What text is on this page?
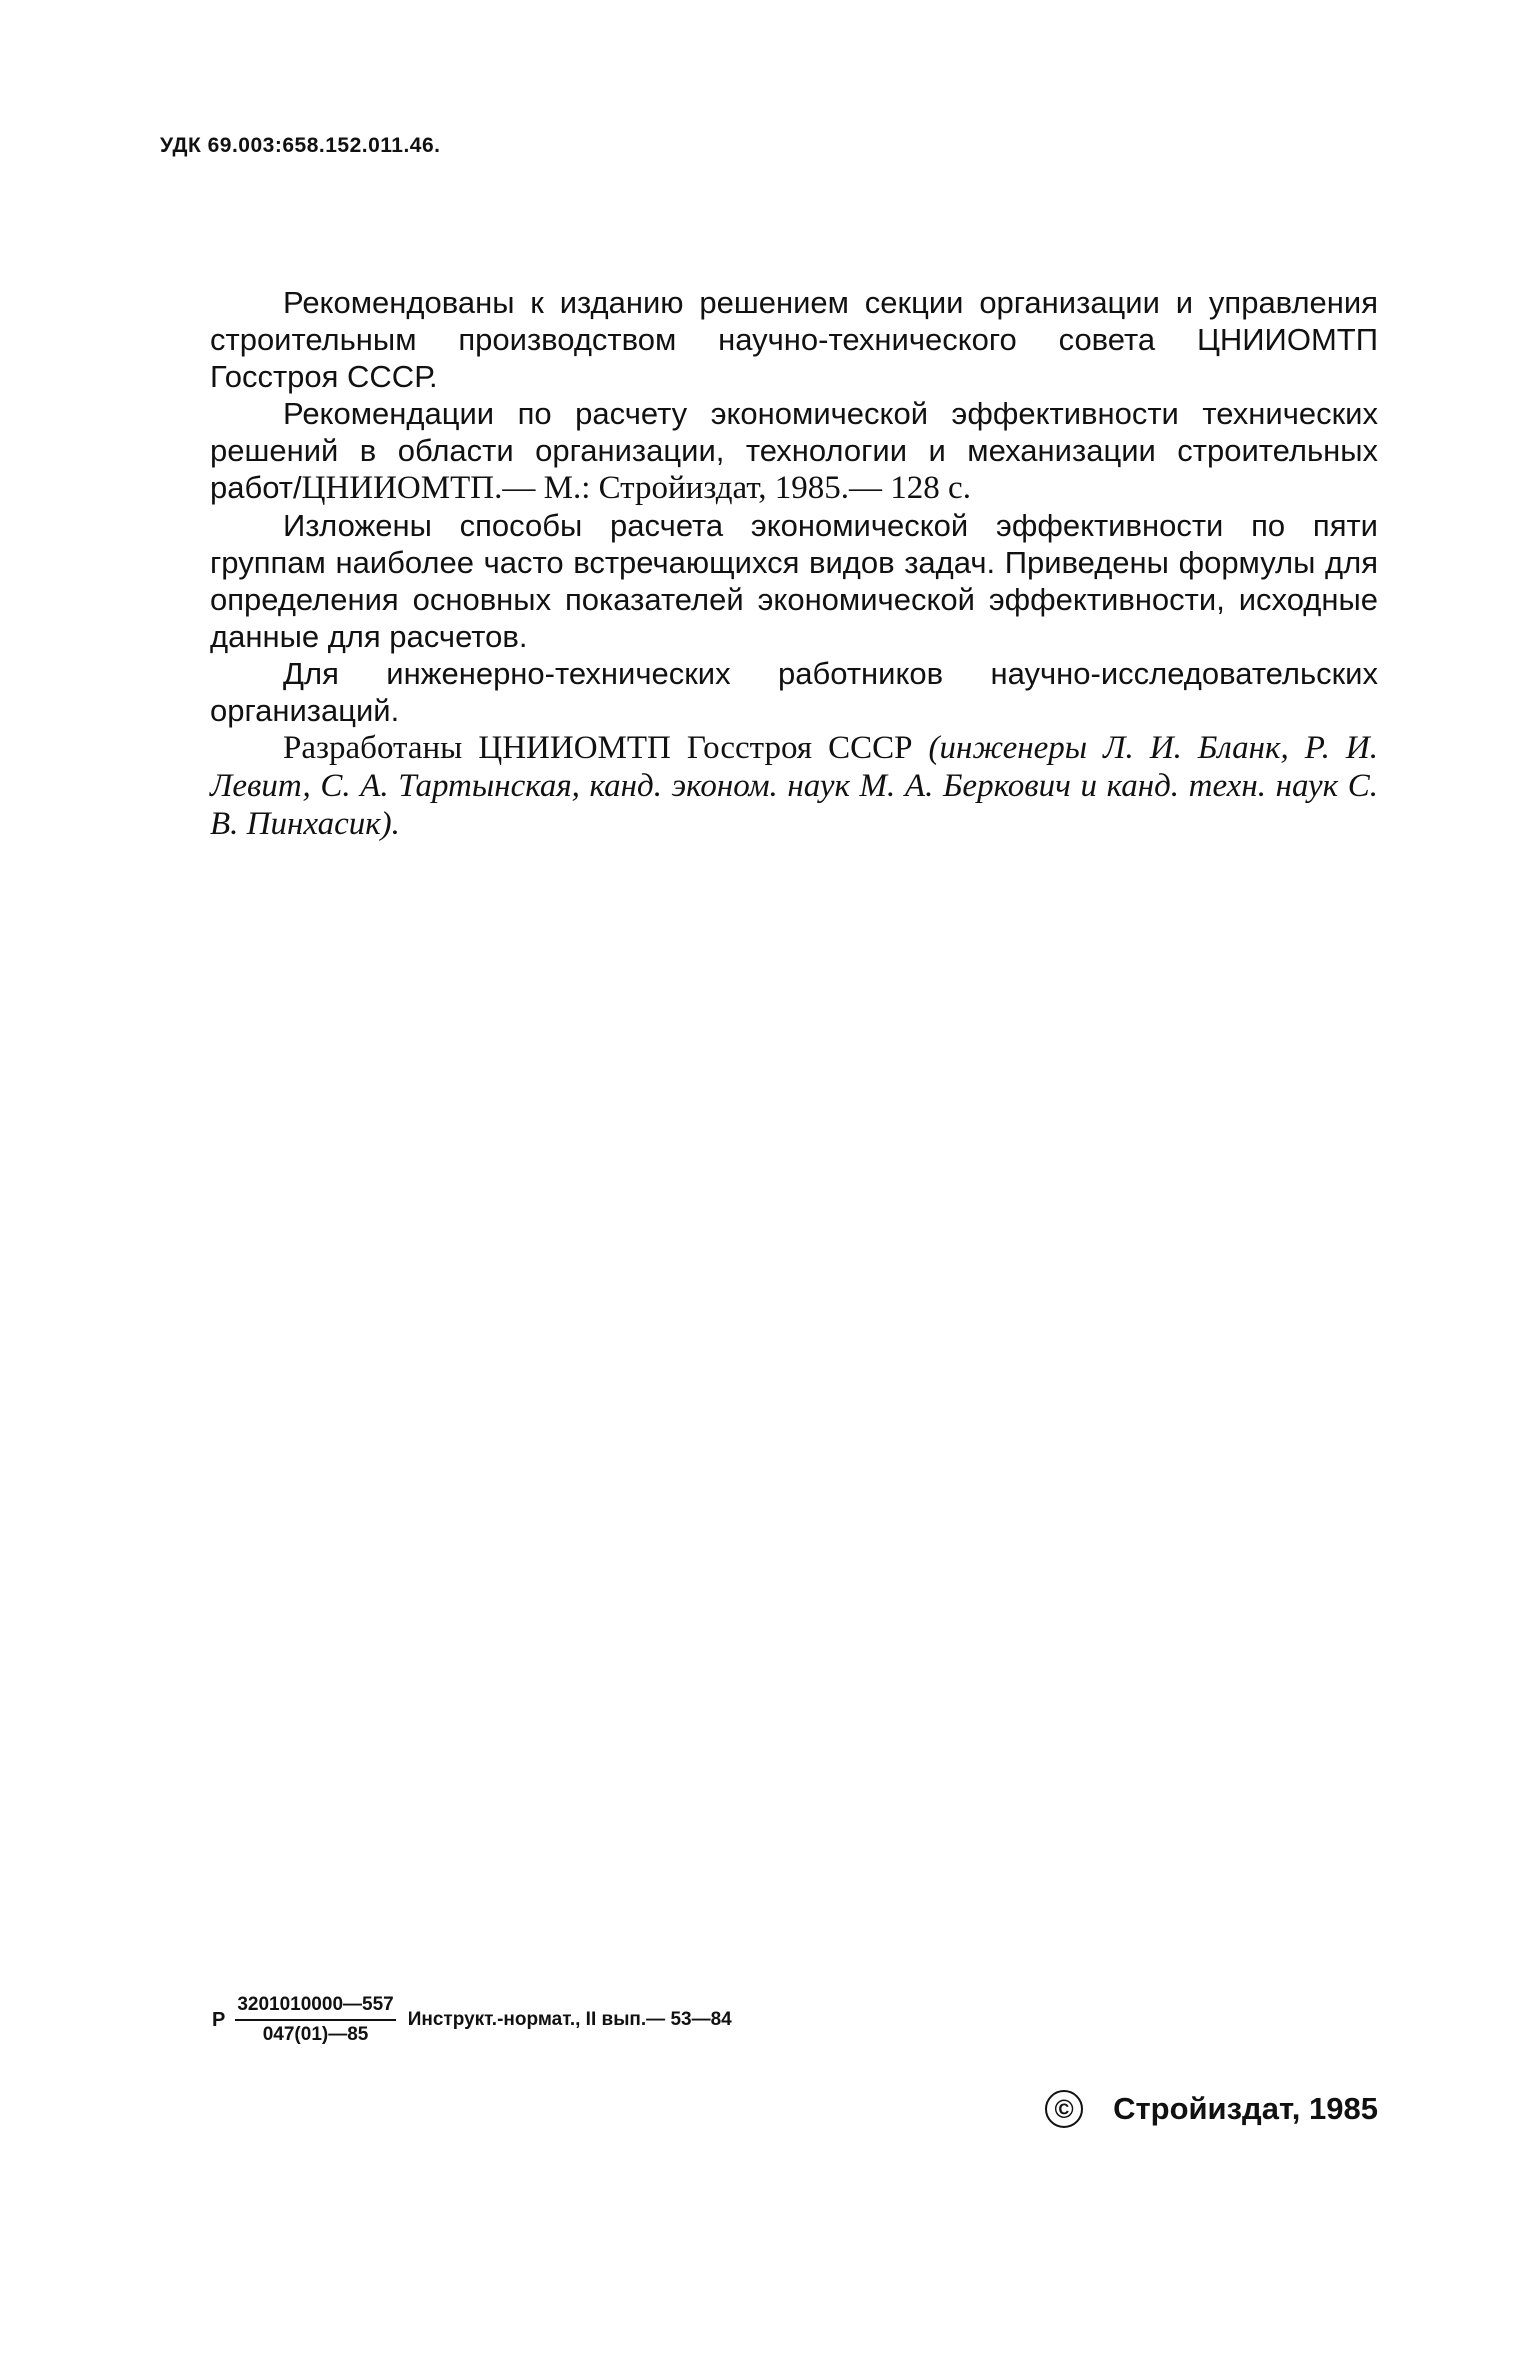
УДК 69.003:658.152.011.46.

Рекомендованы к изданию решением секции организации и управления строительным производством научно-технического совета ЦНИИОМТП Госстроя СССР.

Рекомендации по расчету экономической эффективности технических решений в области организации, технологии и механизации строительных работ/ЦНИИОМТП.— М.: Стройиздат, 1985.— 128 с.

Изложены способы расчета экономической эффективности по пяти группам наиболее часто встречающихся видов задач. Приведены формулы для определения основных показателей экономической эффективности, исходные данные для расчетов.

Для инженерно-технических работников научно-исследовательских организаций.

Разработаны ЦНИИОМТП Госстроя СССР (инженеры Л. И. Бланк, Р. И. Левит, С. А. Тартынская, канд. эконом. наук М. А. Беркович и канд. техн. наук С. В. Пинхасик).

Р $\frac{3201010000—557}{047(01)—85}$ Инструкт.-нормат., II вып.— 53—84
©	Стройиздат, 1985
